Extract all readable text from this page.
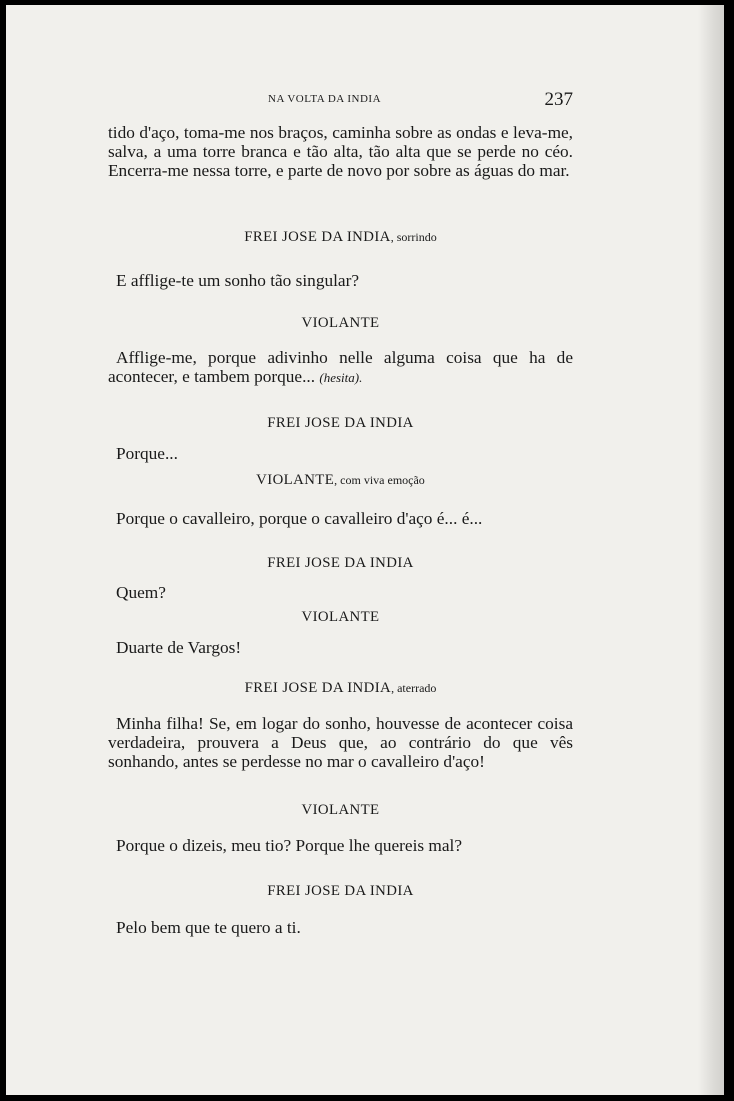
NA VOLTA DA INDIA	237

tido d'aço, toma-me nos braços, caminha sobre as ondas e leva-me, salva, a uma torre branca e tão alta, tão alta que se perde no céo. Encerra-me nessa torre, e parte de novo por sobre as águas do mar.

FREI JOSE DA INDIA, sorrindo

E afflige-te um sonho tão singular?

VIOLANTE

Afflige-me, porque adivinho nelle alguma coisa que ha de acontecer, e tambem porque... (hesita).

FREI JOSE DA INDIA

Porque...

VIOLANTE, com viva emoção

Porque o cavalleiro, porque o cavalleiro d'aço é... é...

FREI JOSE DA INDIA

Quem?

VIOLANTE

Duarte de Vargos!

FREI JOSE DA INDIA, aterrado

Minha filha! Se, em logar do sonho, houvesse de acontecer coisa verdadeira, prouvera a Deus que, ao contrário do que vês sonhando, antes se perdesse no mar o cavalleiro d'aço!

VIOLANTE

Porque o dizeis, meu tio? Porque lhe quereis mal?

FREI JOSE DA INDIA

Pelo bem que te quero a ti.
